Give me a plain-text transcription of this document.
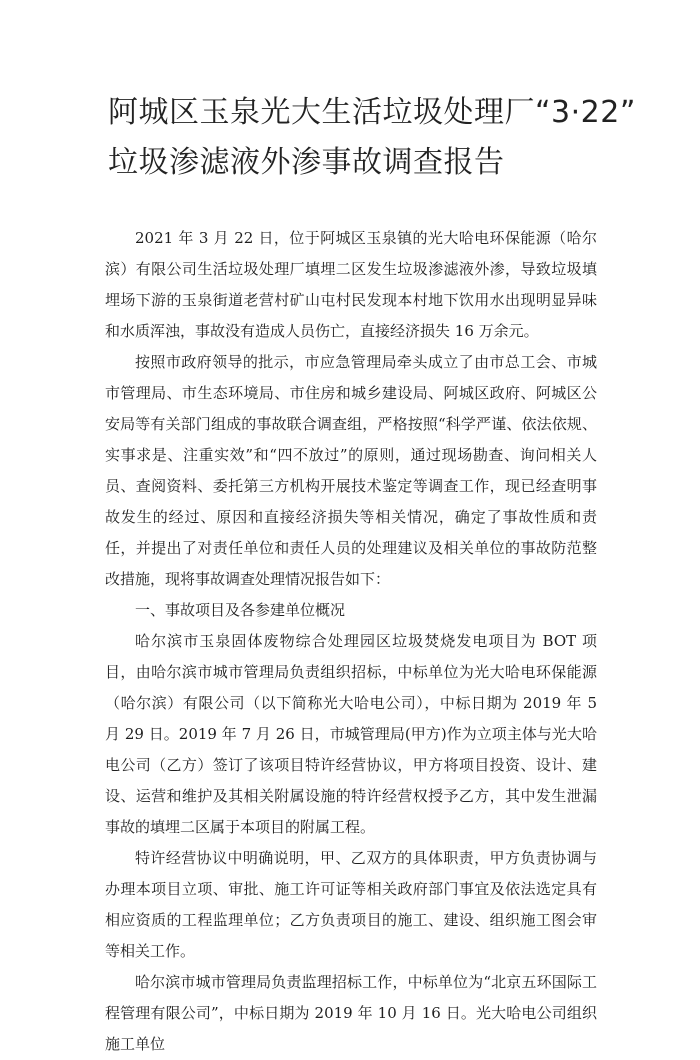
阿城区玉泉光大生活垃圾处理厂“3·22”
垃圾渗滤液外渗事故调查报告

2021 年 3 月 22 日，位于阿城区玉泉镇的光大哈电环保能源（哈尔滨）有限公司生活垃圾处理厂填埋二区发生垃圾渗滤液外渗，导致垃圾填埋场下游的玉泉街道老营村矿山屯村民发现本村地下饮用水出现明显异味和水质浑浊，事故没有造成人员伤亡，直接经济损失 16 万余元。

按照市政府领导的批示，市应急管理局牵头成立了由市总工会、市城市管理局、市生态环境局、市住房和城乡建设局、阿城区政府、阿城区公安局等有关部门组成的事故联合调查组，严格按照“科学严谨、依法依规、实事求是、注重实效”和“四不放过”的原则，通过现场勘查、询问相关人员、查阅资料、委托第三方机构开展技术鉴定等调查工作，现已经查明事故发生的经过、原因和直接经济损失等相关情况，确定了事故性质和责任，并提出了对责任单位和责任人员的处理建议及相关单位的事故防范整改措施，现将事故调查处理情况报告如下：

一、事故项目及各参建单位概况

哈尔滨市玉泉固体废物综合处理园区垃圾焚烧发电项目为 BOT 项目，由哈尔滨市城市管理局负责组织招标，中标单位为光大哈电环保能源（哈尔滨）有限公司（以下简称光大哈电公司），中标日期为 2019 年 5 月 29 日。2019 年 7 月 26 日，市城管理局(甲方)作为立项主体与光大哈电公司（乙方）签订了该项目特许经营协议，甲方将项目投资、设计、建设、运营和维护及其相关附属设施的特许经营权授予乙方，其中发生泄漏事故的填埋二区属于本项目的附属工程。

特许经营协议中明确说明，甲、乙双方的具体职责，甲方负责协调与办理本项目立项、审批、施工许可证等相关政府部门事宜及依法选定具有相应资质的工程监理单位；乙方负责项目的施工、建设、组织施工图会审等相关工作。

哈尔滨市城市管理局负责监理招标工作，中标单位为“北京五环国际工程管理有限公司”，中标日期为 2019 年 10 月 16 日。光大哈电公司组织施工单位
